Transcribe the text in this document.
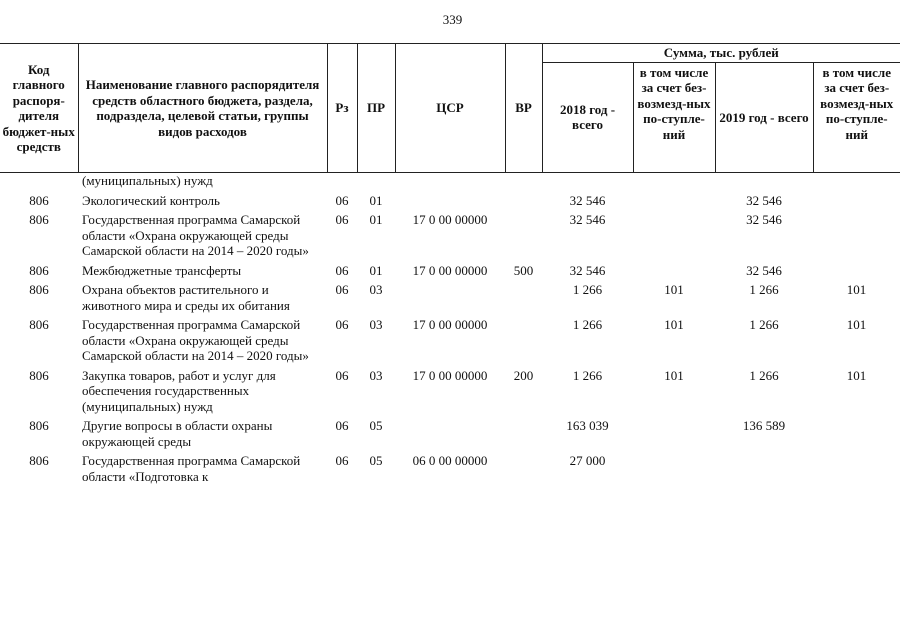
339
Код главного распоря-дителя бюджет-ных средств	Наименование главного распорядителя средств областного бюджета, раздела, подраздела, целевой статьи, группы видов расходов	Рз	ПР	ЦСР	ВР	Сумма, тыс. рублей			
						2018 год - всего	в том числе за счет без-возмезд-ных по-ступле-ний	2019 год - всего	в том числе за счет без-возмезд-ных по-ступле-ний
	(муниципальных) нужд								
806	Экологический контроль	06	01			32 546		32 546	
806	Государственная программа Самарской области «Охрана окружающей среды Самарской области на 2014 – 2020 годы»	06	01	17 0 00 00000		32 546		32 546	
806	Межбюджетные трансферты	06	01	17 0 00 00000	500	32 546		32 546	
806	Охрана объектов растительного и животного мира и среды их обитания	06	03			1 266	101	1 266	101
806	Государственная программа Самарской области «Охрана окружающей среды Самарской области на 2014 – 2020 годы»	06	03	17 0 00 00000		1 266	101	1 266	101
806	Закупка товаров, работ и услуг для обеспечения государственных (муниципальных) нужд	06	03	17 0 00 00000	200	1 266	101	1 266	101
806	Другие вопросы в области охраны окружающей среды	06	05			163 039		136 589	
806	Государственная программа Самарской области «Подготовка к	06	05	06 0 00 00000		27 000			
